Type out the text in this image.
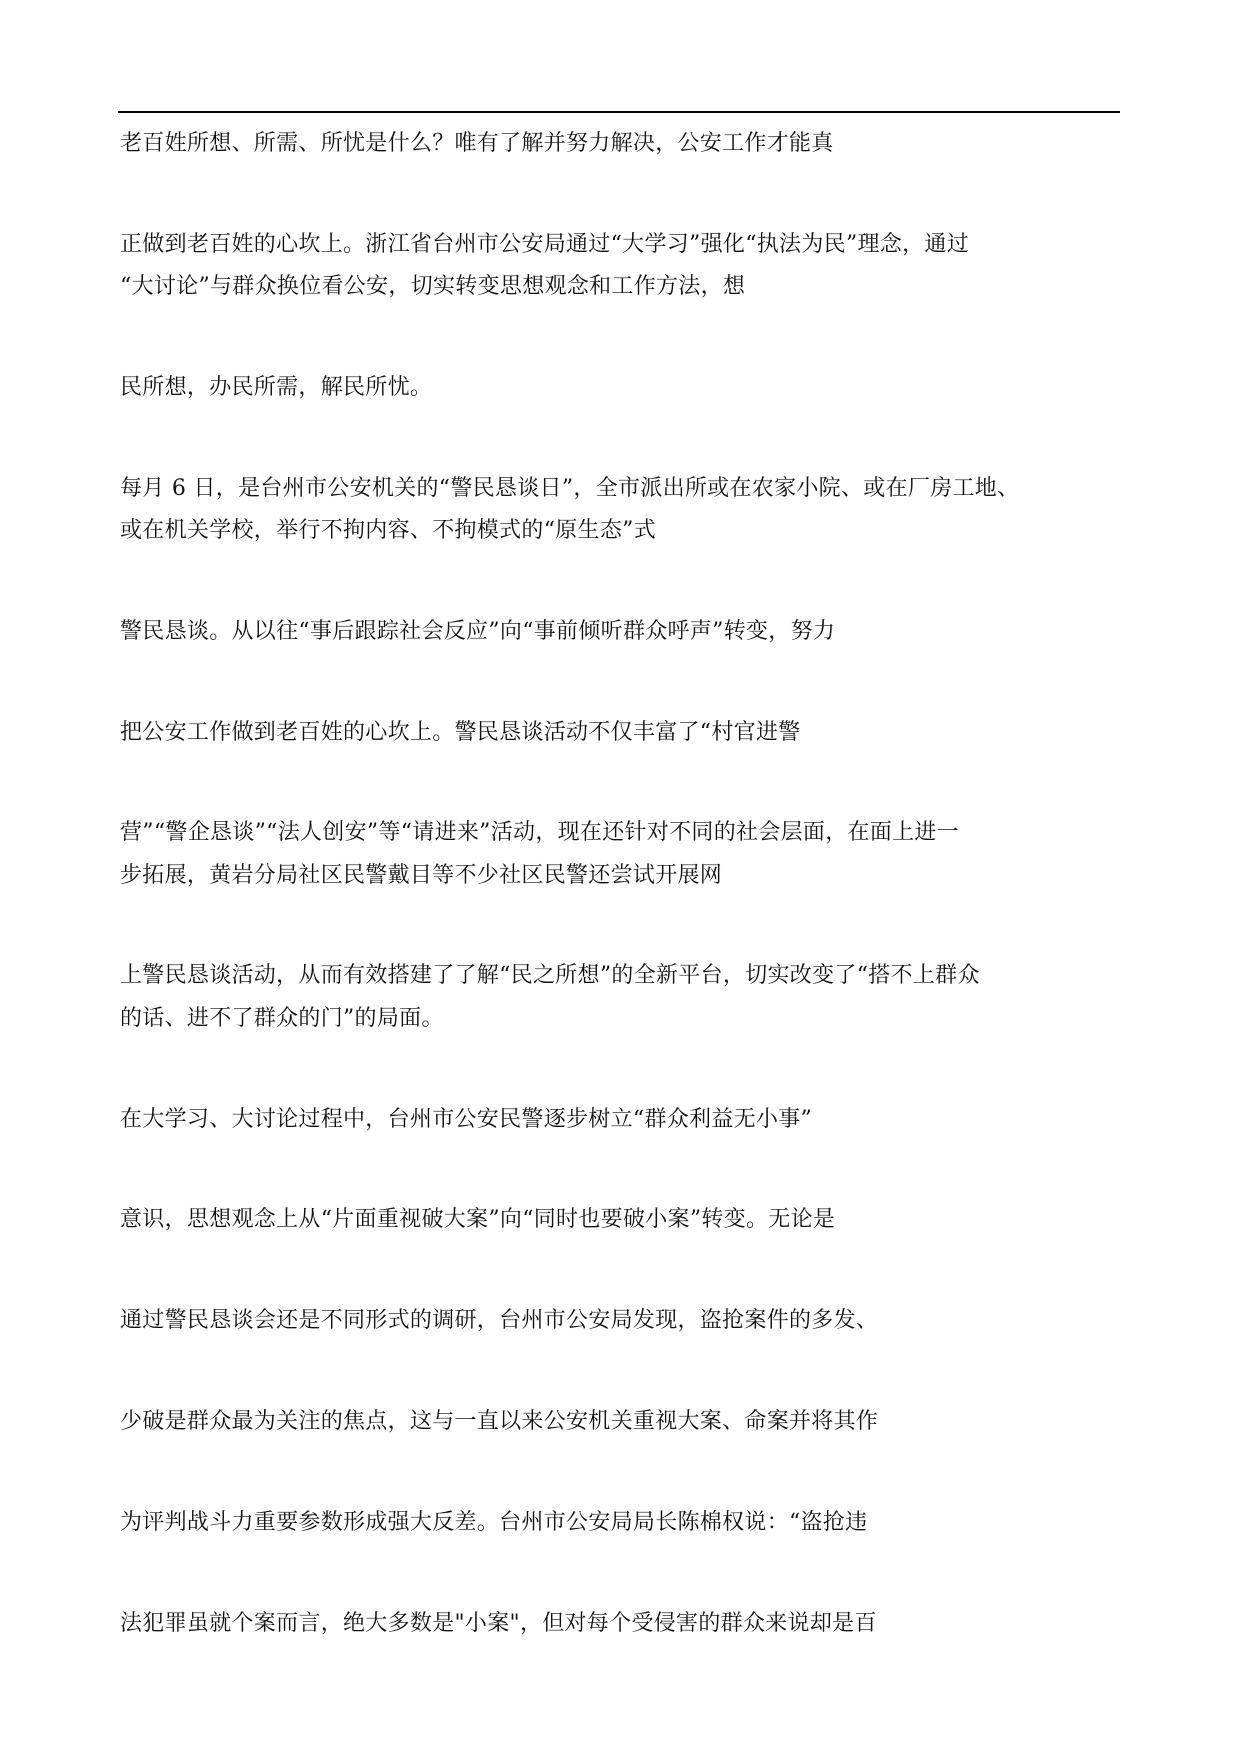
老百姓所想、所需、所忧是什么？唯有了解并努力解决，公安工作才能真
正做到老百姓的心坎上。浙江省台州市公安局通过“大学习”强化“执法为民”理念，通过
“大讨论”与群众换位看公安，切实转变思想观念和工作方法，想
民所想，办民所需，解民所忧。
每月 6 日，是台州市公安机关的“警民恳谈日”，全市派出所或在农家小院、或在厂房工地、
或在机关学校，举行不拘内容、不拘模式的“原生态”式
警民恳谈。从以往“事后跟踪社会反应”向“事前倾听群众呼声”转变，努力
把公安工作做到老百姓的心坎上。警民恳谈活动不仅丰富了“村官进警
营”“警企恳谈”“法人创安”等“请进来”活动，现在还针对不同的社会层面，在面上进一
步拓展，黄岩分局社区民警戴目等不少社区民警还尝试开展网
上警民恳谈活动，从而有效搭建了了解“民之所想”的全新平台，切实改变了“搭不上群众
的话、进不了群众的门”的局面。
在大学习、大讨论过程中，台州市公安民警逐步树立“群众利益无小事”
意识，思想观念上从“片面重视破大案”向“同时也要破小案”转变。无论是
通过警民恳谈会还是不同形式的调研，台州市公安局发现，盗抢案件的多发、
少破是群众最为关注的焦点，这与一直以来公安机关重视大案、命案并将其作
为评判战斗力重要参数形成强大反差。台州市公安局局长陈棉权说：“盗抢违
法犯罪虽就个案而言，绝大多数是"小案"，但对每个受侵害的群众来说却是百
